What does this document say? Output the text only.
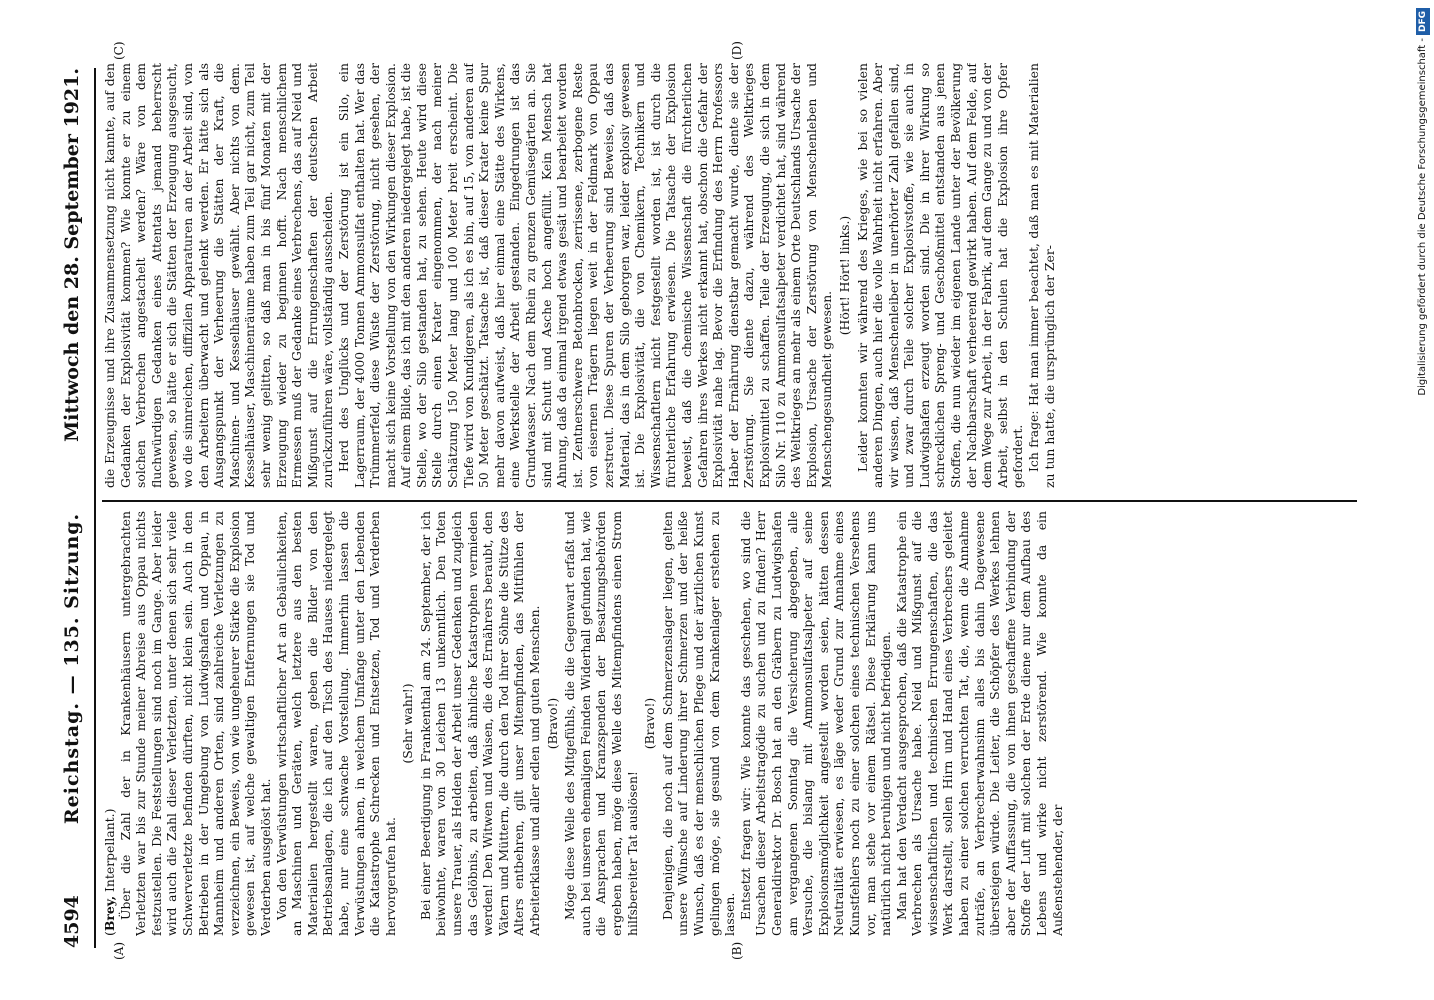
4594
Reichstag. — 135. Sitzung.
Mittwoch den 28. September 1921.
(A)	(B)
(C)	(D)

(Brey, Interpellant.) Über die Zahl der in Krankenhäusern untergebrachten Verletzten war bis zur Stunde meiner Abreise aus Oppau nichts festzustellen. Die Feststellungen sind noch im Gange. Aber leider wird auch die Zahl dieser Verletzten, unter denen sich sehr viele Schwerverletzte befinden dürften, nicht klein sein. Auch in den Betrieben in der Umgebung von Ludwigshafen und Oppau, in Mannheim und anderen Orten, sind zahlreiche Verletzungen zu verzeichnen, ein Beweis, von wie ungeheurer Stärke die Explosion gewesen ist, auf welche gewaltigen Entfernungen sie Tod und Verderben ausgelöst hat. Von den Verwüstungen wirtschaftlicher Art an Gebäulichkeiten, an Maschinen und Geräten, welch letztere aus den besten Materialien hergestellt waren, geben die Bilder von den Betriebsanlagen, die ich auf den Tisch des Hauses niedergelegt habe, nur eine schwache Vorstellung. Immerhin lassen die Verwüstungen ahnen, in welchem Umfange unter den Lebenden die Katastrophe Schrecken und Entsetzen, Tod und Verderben hervorgerufen hat.

(Sehr wahr!) Bei einer Beerdigung in Frankenthal am 24. September, der ich beiwohnte, waren von 30 Leichen 13 unkenntlich. Den Toten unsere Trauer, als Helden der Arbeit unser Gedenken und zugleich das Gelöbnis, zu arbeiten, daß ähnliche Katastrophen vermieden werden! Den Witwen und Waisen, die des Ernährers beraubt, den Vätern und Müttern, die durch den Tod ihrer Söhne die Stütze des Alters entbehren, gilt unser Mitempfinden, das Mitfühlen der Arbeiterklasse und aller edlen und guten Menschen. (Bravo!) Möge diese Welle des Mitgefühls, die die Gegenwart erfaßt und auch bei unseren ehemaligen Feinden Widerhall gefunden hat, wie die Ansprachen und Kranzspenden der Besatzungsbehörden ergeben haben, möge diese Welle des Mitempfindens einen Strom hilfsbereiter Tat auslösen!

(Bravo!) Denjenigen, die noch auf dem Schmerzenslager liegen, gelten unsere Wünsche auf Linderung ihrer Schmerzen und der heiße Wunsch, daß es der menschlichen Pflege und der ärztlichen Kunst gelingen möge, sie gesund von dem Krankenlager erstehen zu lassen. Entsetzt fragen wir: Wie konnte das geschehen, wo sind die Ursachen dieser Arbeitstragödie zu suchen und zu finden? Herr Generaldirektor Dr. Bosch hat an den Gräbern zu Ludwigshafen am vergangenen Sonntag die Versicherung abgegeben, alle Versuche, die bislang mit Ammonsulfatsalpeter auf seine Explosionsmöglichkeit angestellt worden seien, hätten dessen Neutralität erwiesen, es läge weder Grund zur Annahme eines Kunstfehlers noch zu einer solchen eines technischen Versehens vor, man stehe vor einem Rätsel. Diese Erklärung kann uns natürlich nicht beruhigen und nicht befriedigen. Man hat den Verdacht ausgesprochen, daß die Katastrophe ein Verbrechen als Ursache habe. Neid und Mißgunst auf die wissenschaftlichen und technischen Errungenschaften, die das Werk darstellt, sollen Hirn und Hand eines Verbrechers geleitet haben zu einer solchen verruchten Tat, die, wenn die Annahme zuträfe, an Verbrecherwahnsinn alles bis dahin Dagewesene übersteigen würde. Die Leiter, die Schöpfer des Werkes lehnen aber der Auffassung, die von ihnen geschaffene Verbindung der Stoffe der Luft mit solchen der Erde diene nur dem Aufbau des Lebens und wirke nicht zerstörend. Wie konnte da ein Außenstehender, der

die Erzeugnisse und ihre Zusammensetzung nicht kannte, auf den Gedanken der Explosivität kommen? Wie konnte er zu einem solchen Verbrechen angestachelt werden? Wäre von dem fluchwürdigen Gedanken eines Attentats jemand beherrscht gewesen, so hätte er sich die Stätten der Erzeugung ausgesucht, wo die sinnreichen, diffizilen Apparaturen an der Arbeit sind, von den Arbeitern überwacht und gelenkt werden. Er hätte sich als Ausgangspunkt der Verheerung die Stätten der Kraft, die Maschinen- und Kesselhäuser gewählt. Aber nichts von dem. Kesselhäuser, Maschinenräume haben zum Teil gar nicht, zum Teil sehr wenig gelitten, so daß man in bis fünf Monaten mit der Erzeugung wieder zu beginnen hofft. Nach menschlichem Ermessen muß der Gedanke eines Verbrechens, das auf Neid und Mißgunst auf die Errungenschaften der deutschen Arbeit zurückzuführen wäre, vollständig ausscheiden. Herd des Unglücks und der Zerstörung ist ein Silo, ein Lagerraum, der 4000 Tonnen Ammonsulfat enthalten hat. Wer das Trümmerfeld, diese Wüste der Zerstörung, nicht gesehen, der macht sich keine Vorstellung von den Wirkungen dieser Explosion. Auf einem Bilde, das ich mit den anderen niedergelegt habe, ist die Stelle, wo der Silo gestanden hat, zu sehen. Heute wird diese Stelle durch einen Krater eingenommen, der nach meiner Schätzung 150 Meter lang und 100 Meter breit erscheint. Die Tiefe wird von Kundigeren, als ich es bin, auf 15, von anderen auf 50 Meter geschätzt. Tatsache ist, daß dieser Krater keine Spur mehr davon aufweist, daß hier einmal eine Stätte des Wirkens, eine Werkstelle der Arbeit gestanden. Eingedrungen ist das Grundwasser. Nach dem Rhein zu grenzen Gemüsegärten an. Sie sind mit Schutt und Asche hoch angefüllt. Kein Mensch hat Ahnung, daß da einmal irgend etwas gesät und bearbeitet worden ist. Zentnerschwere Betonbrocken, zerrissene, zerbogene Reste von eisernen Trägern liegen weit in der Feldmark von Oppau zerstreut. Diese Spuren der Verheerung sind Beweise, daß das Material, das in dem Silo geborgen war, leider explosiv gewesen ist. Die Explosivität, die von Chemikern, Technikern und Wissenschaftlern nicht festgestellt worden ist, ist durch die fürchterliche Erfahrung erwiesen. Die Tatsache der Explosion beweist, daß die chemische Wissenschaft die fürchterlichen Gefahren ihres Werkes nicht erkannt hat, obschon die Gefahr der Explosivität nahe lag. Bevor die Erfindung des Herrn Professors Haber der Ernährung dienstbar gemacht wurde, diente sie der Zerstörung. Sie diente dazu, während des Weltkrieges Explosivmittel zu schaffen. Teile der Erzeugung, die sich in dem Silo Nr. 110 zu Ammonsulfatsalpeter verdichtet hat, sind während des Weltkrieges an mehr als einem Orte Deutschlands Ursache der Explosion, Ursache der Zerstörung von Menschenleben und Menschengesundheit gewesen.

(Hört! Hört! links.) Leider konnten wir während des Krieges, wie bei so vielen anderen Dingen, auch hier die volle Wahrheit nicht erfahren. Aber wir wissen, daß Menschenleiber in unerhörter Zahl gefallen sind, und zwar durch Teile solcher Explosivstoffe, wie sie auch in Ludwigshafen erzeugt worden sind. Die in ihrer Wirkung so schrecklichen Spreng- und Geschoßmittel entstanden aus jenen Stoffen, die nun wieder im eigenen Lande unter der Bevölkerung der Nachbarschaft verheerend gewirkt haben. Auf dem Felde, auf dem Wege zur Arbeit, in der Fabrik, auf dem Gange zu und von der Arbeit, selbst in den Schulen hat die Explosion ihre Opfer gefordert. Ich frage: Hat man immer beachtet, daß man es mit Materialien zu tun hatte, die ursprünglich der Zer-	Digitalisierung gefördert durch die Deutsche Forschungsgemeinschaft -
DFG
